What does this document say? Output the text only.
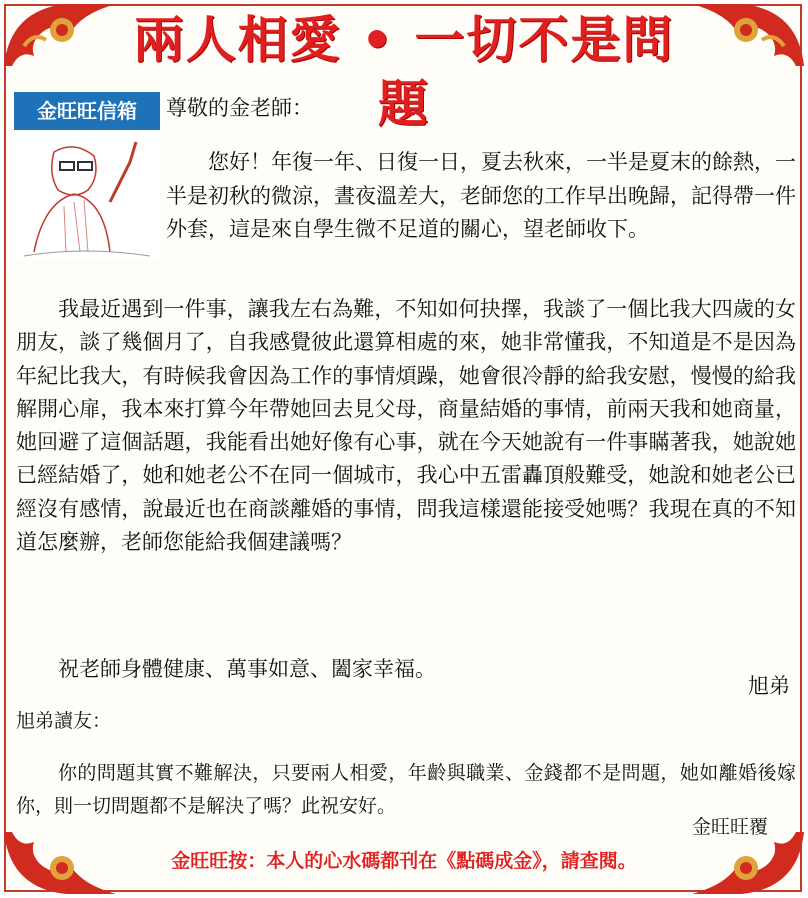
兩人相愛 • 一切不是問題
金旺旺信箱	尊敬的金老師：

您好！年復一年、日復一日，夏去秋來，一半是夏末的餘熱，一半是初秋的微涼，晝夜溫差大，老師您的工作早出晚歸，記得帶一件外套，這是來自學生微不足道的關心，望老師收下。

我最近遇到一件事，讓我左右為難，不知如何抉擇，我談了一個比我大四歲的女朋友，談了幾個月了，自我感覺彼此還算相處的來，她非常懂我，不知道是不是因為年紀比我大，有時候我會因為工作的事情煩躁，她會很冷靜的給我安慰，慢慢的給我解開心扉，我本來打算今年帶她回去見父母，商量結婚的事情，前兩天我和她商量，她回避了這個話題，我能看出她好像有心事，就在今天她說有一件事瞞著我，她說她已經結婚了，她和她老公不在同一個城市，我心中五雷轟頂般難受，她說和她老公已經沒有感情，說最近也在商談離婚的事情，問我這樣還能接受她嗎？我現在真的不知道怎麼辦，老師您能給我個建議嗎？

祝老師身體健康、萬事如意、闔家幸福。

旭弟
旭弟讀友：

你的問題其實不難解決，只要兩人相愛，年齡與職業、金錢都不是問題，她如離婚後嫁你，則一切問題都不是解決了嗎？此祝安好。

金旺旺覆
金旺旺按：本人的心水碼都刊在《點碼成金》，請查閱。
